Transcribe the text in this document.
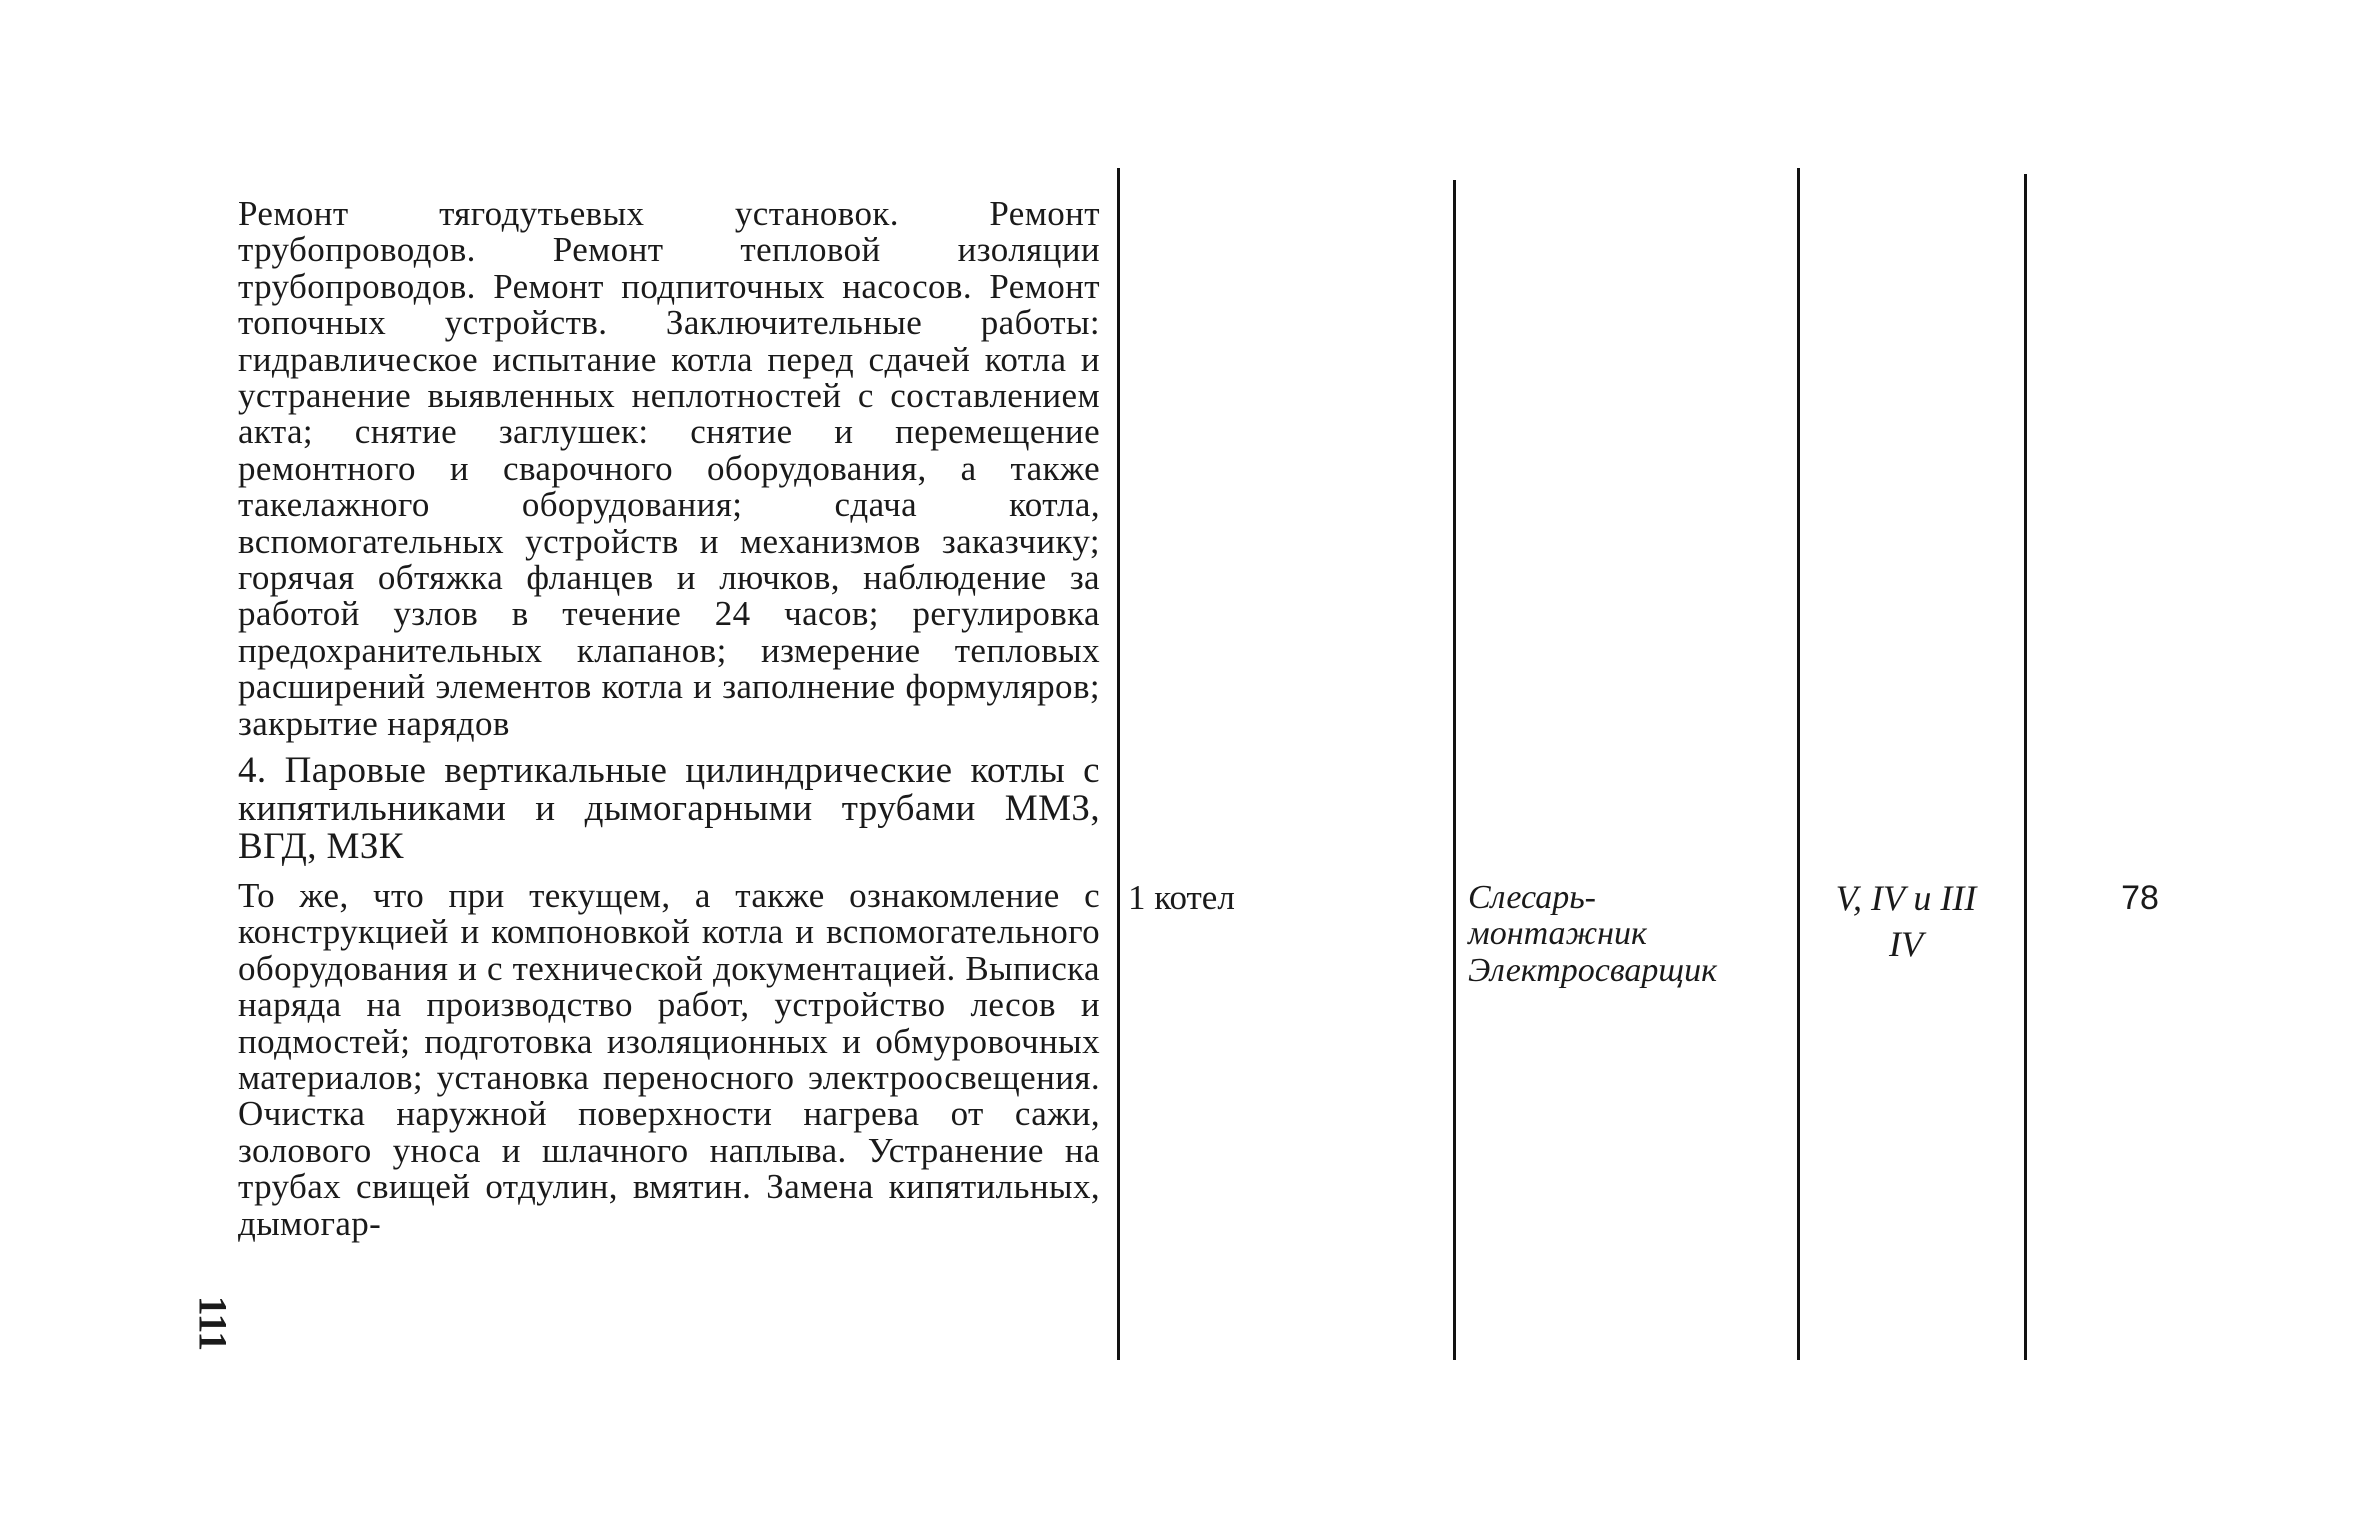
Ремонт тягодутьевых установок. Ремонт трубопроводов. Ремонт тепловой изоляции трубопроводов. Ремонт подпиточных насосов. Ремонт топочных устройств. Заключительные работы: гидравлическое испытание котла перед сдачей котла и устранение выявленных неплотностей с составлением акта; снятие заглушек: снятие и перемещение ремонтного и сварочного оборудования, а также такелажного оборудования; сдача котла, вспомогательных устройств и механизмов заказчику; горячая обтяжка фланцев и лючков, наблюдение за работой узлов в течение 24 часов; регулировка предохранительных клапанов; измерение тепловых расширений элементов котла и заполнение формуляров; закрытие нарядов
4. Паровые вертикальные цилиндрические котлы с кипятильниками и дымогарными трубами ММЗ, ВГД, МЗК
То же, что при текущем, а также ознакомление с конструкцией и компоновкой котла и вспомогательного оборудования и с технической документацией. Выписка наряда на производство работ, устройство лесов и подмостей; подготовка изоляционных и обмуровочных материалов; установка переносного электроосвещения. Очистка наружной поверхности нагрева от сажи, золового уноса и шлачного наплыва. Устранение на трубах свищей отдулин, вмятин. Замена кипятильных, дымогар-
1 котел	Слесарь-монтажник
Электросварщик
V, IV и III
IV
78
111
